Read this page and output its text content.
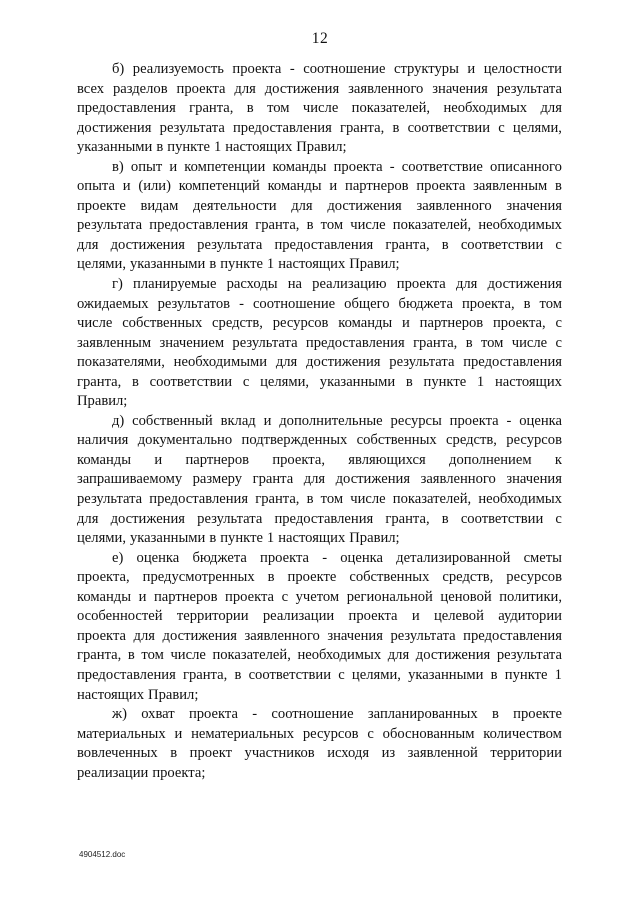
12
б) реализуемость проекта - соотношение структуры и целостности
всех разделов проекта для достижения заявленного значения результата
предоставления гранта, в том числе показателей, необходимых для
достижения результата предоставления гранта, в соответствии с целями,
указанными в пункте 1 настоящих Правил;
в) опыт и компетенции команды проекта - соответствие описанного
опыта и (или) компетенций команды и партнеров проекта заявленным в
проекте видам деятельности для достижения заявленного значения
результата предоставления гранта, в том числе показателей, необходимых
для достижения результата предоставления гранта, в соответствии с
целями, указанными в пункте 1 настоящих Правил;
г) планируемые расходы на реализацию проекта для достижения
ожидаемых результатов - соотношение общего бюджета проекта, в том
числе собственных средств, ресурсов команды и партнеров проекта, с
заявленным значением результата предоставления гранта, в том числе с
показателями, необходимыми для достижения результата предоставления
гранта, в соответствии с целями, указанными в пункте 1 настоящих
Правил;
д) собственный вклад и дополнительные ресурсы проекта - оценка
наличия документально подтвержденных собственных средств, ресурсов
команды и партнеров проекта, являющихся дополнением к
запрашиваемому размеру гранта для достижения заявленного значения
результата предоставления гранта, в том числе показателей, необходимых
для достижения результата предоставления гранта, в соответствии с
целями, указанными в пункте 1 настоящих Правил;
е) оценка бюджета проекта - оценка детализированной сметы
проекта, предусмотренных в проекте собственных средств, ресурсов
команды и партнеров проекта с учетом региональной ценовой политики,
особенностей территории реализации проекта и целевой аудитории
проекта для достижения заявленного значения результата предоставления
гранта, в том числе показателей, необходимых для достижения результата
предоставления гранта, в соответствии с целями, указанными в пункте 1
настоящих Правил;
ж) охват проекта - соотношение запланированных в проекте
материальных и нематериальных ресурсов с обоснованным количеством
вовлеченных в проект участников исходя из заявленной территории
реализации проекта;
4904512.doc
